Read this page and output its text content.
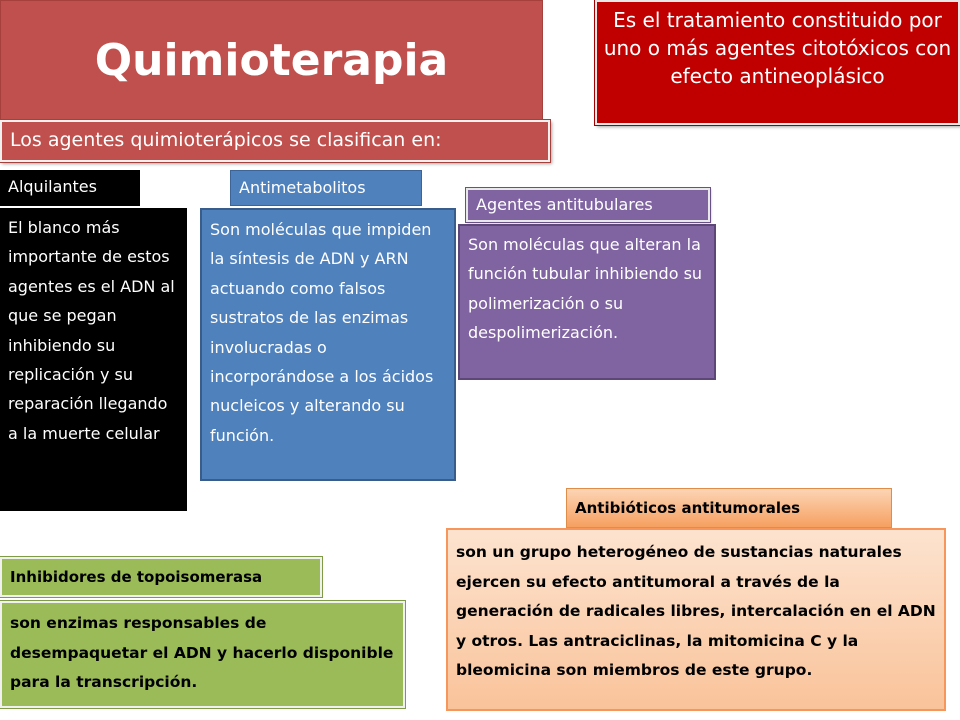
Quimioterapia
Es el tratamiento constituido por uno o más agentes citotóxicos con efecto antineoplásico
Los agentes quimioterápicos se clasifican en:
Alquilantes
El blanco más importante de estos agentes es el ADN al que se pegan inhibiendo su replicación y su reparación llegando a la muerte celular
Antimetabolitos
Son moléculas que impiden la síntesis de ADN y ARN actuando como falsos sustratos de las enzimas involucradas o incorporándose a los ácidos nucleicos y alterando su función.
Agentes antitubulares
Son moléculas que alteran la función tubular inhibiendo su polimerización o su despolimerización.
Antibióticos antitumorales
son un grupo heterogéneo de sustancias naturales ejercen su efecto antitumoral a través de la generación de radicales libres, intercalación en el ADN y otros. Las antraciclinas, la mitomicina C y la bleomicina son miembros de este grupo.
Inhibidores de topoisomerasa
son enzimas responsables de desempaquetar el ADN y hacerlo disponible para la transcripción.
